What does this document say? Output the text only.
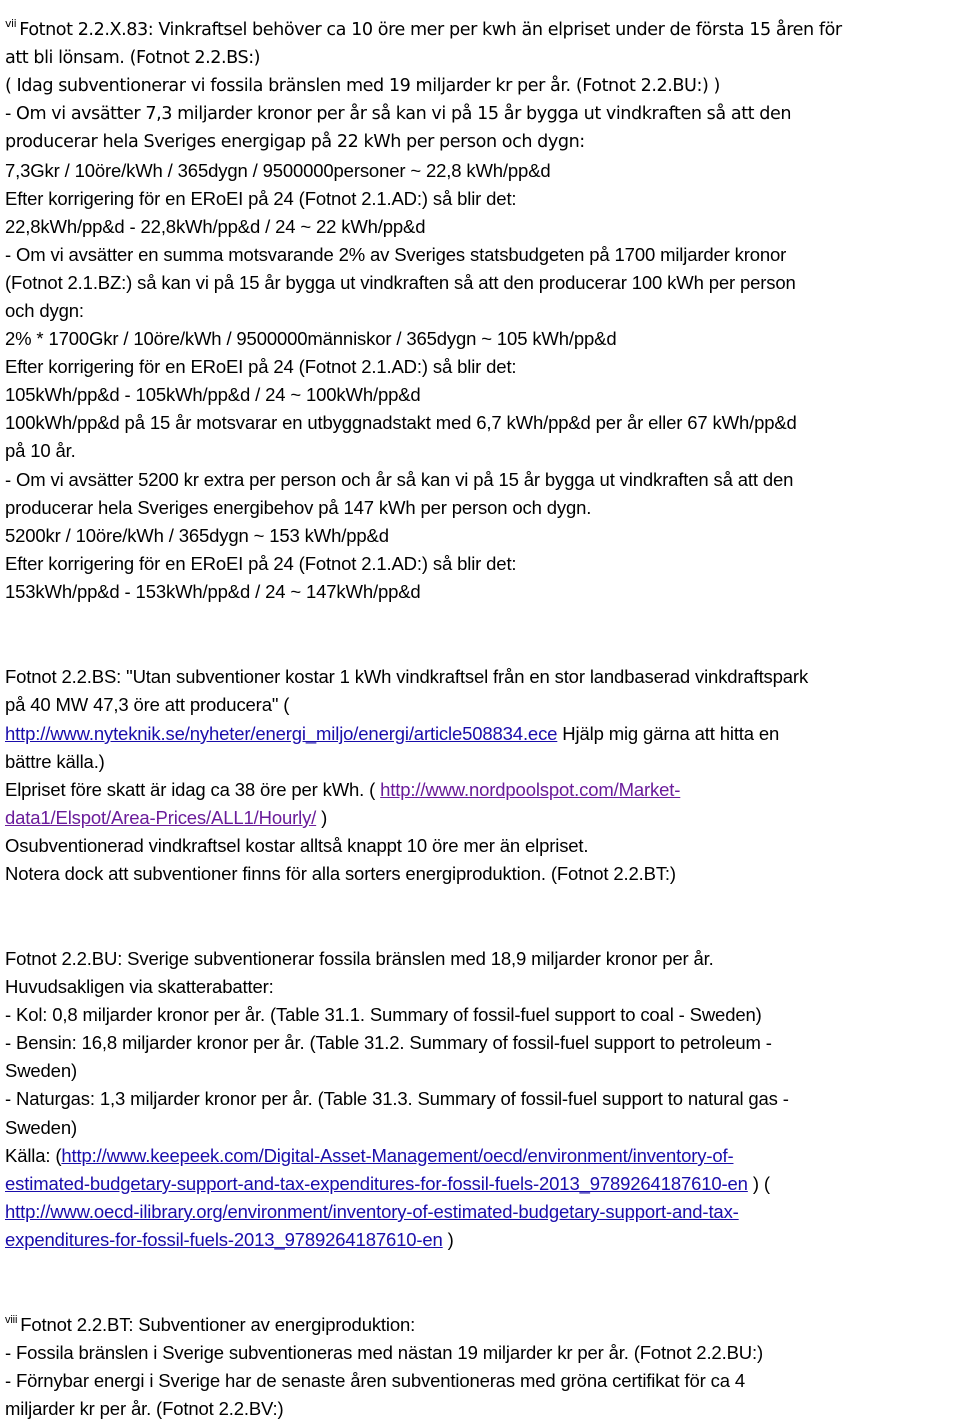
$^{vii}$ Fotnot 2.2.X.83: Vinkraftsel behöver ca 10 öre mer per kwh än elpriset under de första 15 åren för
att bli lönsam. (Fotnot 2.2.BS:)
( Idag subventionerar vi fossila bränslen med 19 miljarder kr per år. (Fotnot 2.2.BU:) )
- Om vi avsätter 7,3 miljarder kronor per år så kan vi på 15 år bygga ut vindkraften så att den
producerar hela Sveriges energigap på 22 kWh per person och dygn:
7,3Gkr / 10öre/kWh / 365dygn / 9500000personer ~ 22,8 kWh/pp&d
Efter korrigering för en ERoEI på 24 (Fotnot 2.1.AD:) så blir det:
22,8kWh/pp&d - 22,8kWh/pp&d / 24 ~ 22 kWh/pp&d
- Om vi avsätter en summa motsvarande 2% av Sveriges statsbudgeten på 1700 miljarder kronor
(Fotnot 2.1.BZ:) så kan vi på 15 år bygga ut vindkraften så att den producerar 100 kWh per person
och dygn:
2% * 1700Gkr / 10öre/kWh / 9500000människor / 365dygn ~ 105 kWh/pp&d
Efter korrigering för en ERoEI på 24 (Fotnot 2.1.AD:) så blir det:
105kWh/pp&d - 105kWh/pp&d / 24 ~ 100kWh/pp&d
100kWh/pp&d på 15 år motsvarar en utbyggnadstakt med 6,7 kWh/pp&d per år eller 67 kWh/pp&d
på 10 år.
- Om vi avsätter 5200 kr extra per person och år så kan vi på 15 år bygga ut vindkraften så att den
producerar hela Sveriges energibehov på 147 kWh per person och dygn.
5200kr / 10öre/kWh / 365dygn ~ 153 kWh/pp&d
Efter korrigering för en ERoEI på 24 (Fotnot 2.1.AD:) så blir det:
153kWh/pp&d - 153kWh/pp&d / 24 ~ 147kWh/pp&d
Fotnot 2.2.BS: "Utan subventioner kostar 1 kWh vindkraftsel från en stor landbaserad vinkdraftspark
på 40 MW 47,3 öre att producera" (
http://www.nyteknik.se/nyheter/energi_miljo/energi/article508834.ece Hjälp mig gärna att hitta en
bättre källa.)
Elpriset före skatt är idag ca 38 öre per kWh. ( http://www.nordpoolspot.com/Market-
data1/Elspot/Area-Prices/ALL1/Hourly/ )
Osubventionerad vindkraftsel kostar alltså knappt 10 öre mer än elpriset.
Notera dock att subventioner finns för alla sorters energiproduktion. (Fotnot 2.2.BT:)
Fotnot 2.2.BU: Sverige subventionerar fossila bränslen med 18,9 miljarder kronor per år.
Huvudsakligen via skatterabatter:
- Kol: 0,8 miljarder kronor per år. (Table 31.1. Summary of fossil-fuel support to coal - Sweden)
- Bensin: 16,8 miljarder kronor per år. (Table 31.2. Summary of fossil-fuel support to petroleum -
Sweden)
- Naturgas: 1,3 miljarder kronor per år. (Table 31.3. Summary of fossil-fuel support to natural gas -
Sweden)
Källa: (http://www.keepeek.com/Digital-Asset-Management/oecd/environment/inventory-of-
estimated-budgetary-support-and-tax-expenditures-for-fossil-fuels-2013_9789264187610-en ) (
http://www.oecd-ilibrary.org/environment/inventory-of-estimated-budgetary-support-and-tax-
expenditures-for-fossil-fuels-2013_9789264187610-en )
$^{viii}$ Fotnot 2.2.BT: Subventioner av energiproduktion:
- Fossila bränslen i Sverige subventioneras med nästan 19 miljarder kr per år. (Fotnot 2.2.BU:)
- Förnybar energi i Sverige har de senaste åren subventioneras med gröna certifikat för ca 4
miljarder kr per år. (Fotnot 2.2.BV:)
